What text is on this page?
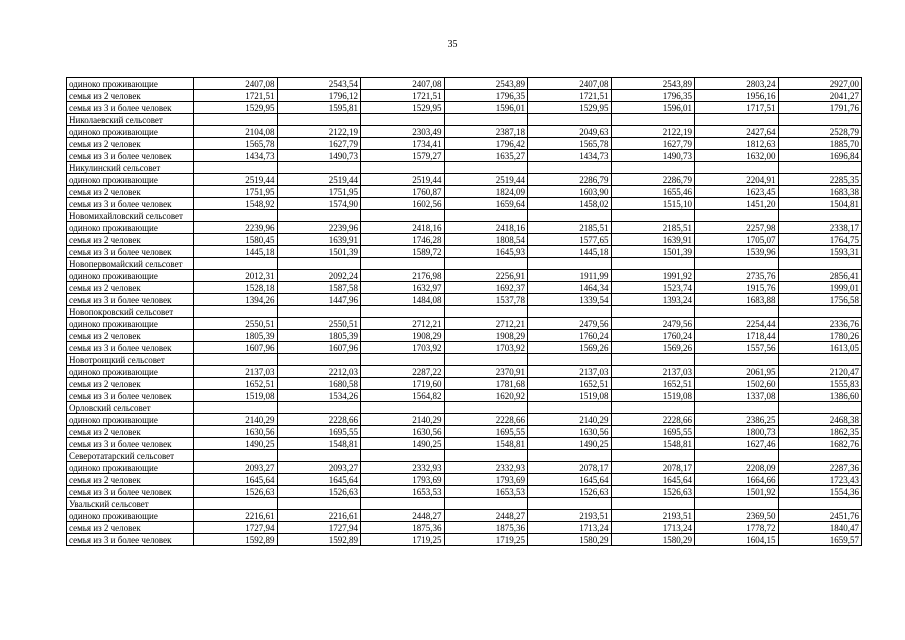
35
одиноко проживающие	2407,08	2543,54	2407,08	2543,89	2407,08	2543,89	2803,24	2927,00
семья из 2 человек	1721,51	1796,12	1721,51	1796,35	1721,51	1796,35	1956,16	2041,27
семья из 3 и более человек	1529,95	1595,81	1529,95	1596,01	1529,95	1596,01	1717,51	1791,76
Николаевский сельсовет								
одиноко проживающие	2104,08	2122,19	2303,49	2387,18	2049,63	2122,19	2427,64	2528,79
семья из 2 человек	1565,78	1627,79	1734,41	1796,42	1565,78	1627,79	1812,63	1885,70
семья из 3 и более человек	1434,73	1490,73	1579,27	1635,27	1434,73	1490,73	1632,00	1696,84
Никулинский сельсовет								
одиноко проживающие	2519,44	2519,44	2519,44	2519,44	2286,79	2286,79	2204,91	2285,35
семья из 2 человек	1751,95	1751,95	1760,87	1824,09	1603,90	1655,46	1623,45	1683,38
семья из 3 и более человек	1548,92	1574,90	1602,56	1659,64	1458,02	1515,10	1451,20	1504,81
Новомихайловский сельсовет								
одиноко проживающие	2239,96	2239,96	2418,16	2418,16	2185,51	2185,51	2257,98	2338,17
семья из 2 человек	1580,45	1639,91	1746,28	1808,54	1577,65	1639,91	1705,07	1764,75
семья из 3 и более человек	1445,18	1501,39	1589,72	1645,93	1445,18	1501,39	1539,96	1593,31
Новопервомайский сельсовет								
одиноко проживающие	2012,31	2092,24	2176,98	2256,91	1911,99	1991,92	2735,76	2856,41
семья из 2 человек	1528,18	1587,58	1632,97	1692,37	1464,34	1523,74	1915,76	1999,01
семья из 3 и более человек	1394,26	1447,96	1484,08	1537,78	1339,54	1393,24	1683,88	1756,58
Новопокровский сельсовет								
одиноко проживающие	2550,51	2550,51	2712,21	2712,21	2479,56	2479,56	2254,44	2336,76
семья из 2 человек	1805,39	1805,39	1908,29	1908,29	1760,24	1760,24	1718,44	1780,26
семья из 3 и более человек	1607,96	1607,96	1703,92	1703,92	1569,26	1569,26	1557,56	1613,05
Новотроицкий сельсовет								
одиноко проживающие	2137,03	2212,03	2287,22	2370,91	2137,03	2137,03	2061,95	2120,47
семья из 2 человек	1652,51	1680,58	1719,60	1781,68	1652,51	1652,51	1502,60	1555,83
семья из 3 и более человек	1519,08	1534,26	1564,82	1620,92	1519,08	1519,08	1337,08	1386,60
Орловский сельсовет								
одиноко проживающие	2140,29	2228,66	2140,29	2228,66	2140,29	2228,66	2386,25	2468,38
семья из 2 человек	1630,56	1695,55	1630,56	1695,55	1630,56	1695,55	1800,73	1862,35
семья из 3 и более человек	1490,25	1548,81	1490,25	1548,81	1490,25	1548,81	1627,46	1682,76
Северотатарский сельсовет								
одиноко проживающие	2093,27	2093,27	2332,93	2332,93	2078,17	2078,17	2208,09	2287,36
семья из 2 человек	1645,64	1645,64	1793,69	1793,69	1645,64	1645,64	1664,66	1723,43
семья из 3 и более человек	1526,63	1526,63	1653,53	1653,53	1526,63	1526,63	1501,92	1554,36
Увальский сельсовет								
одиноко проживающие	2216,61	2216,61	2448,27	2448,27	2193,51	2193,51	2369,50	2451,76
семья из 2 человек	1727,94	1727,94	1875,36	1875,36	1713,24	1713,24	1778,72	1840,47
семья из 3 и более человек	1592,89	1592,89	1719,25	1719,25	1580,29	1580,29	1604,15	1659,57
